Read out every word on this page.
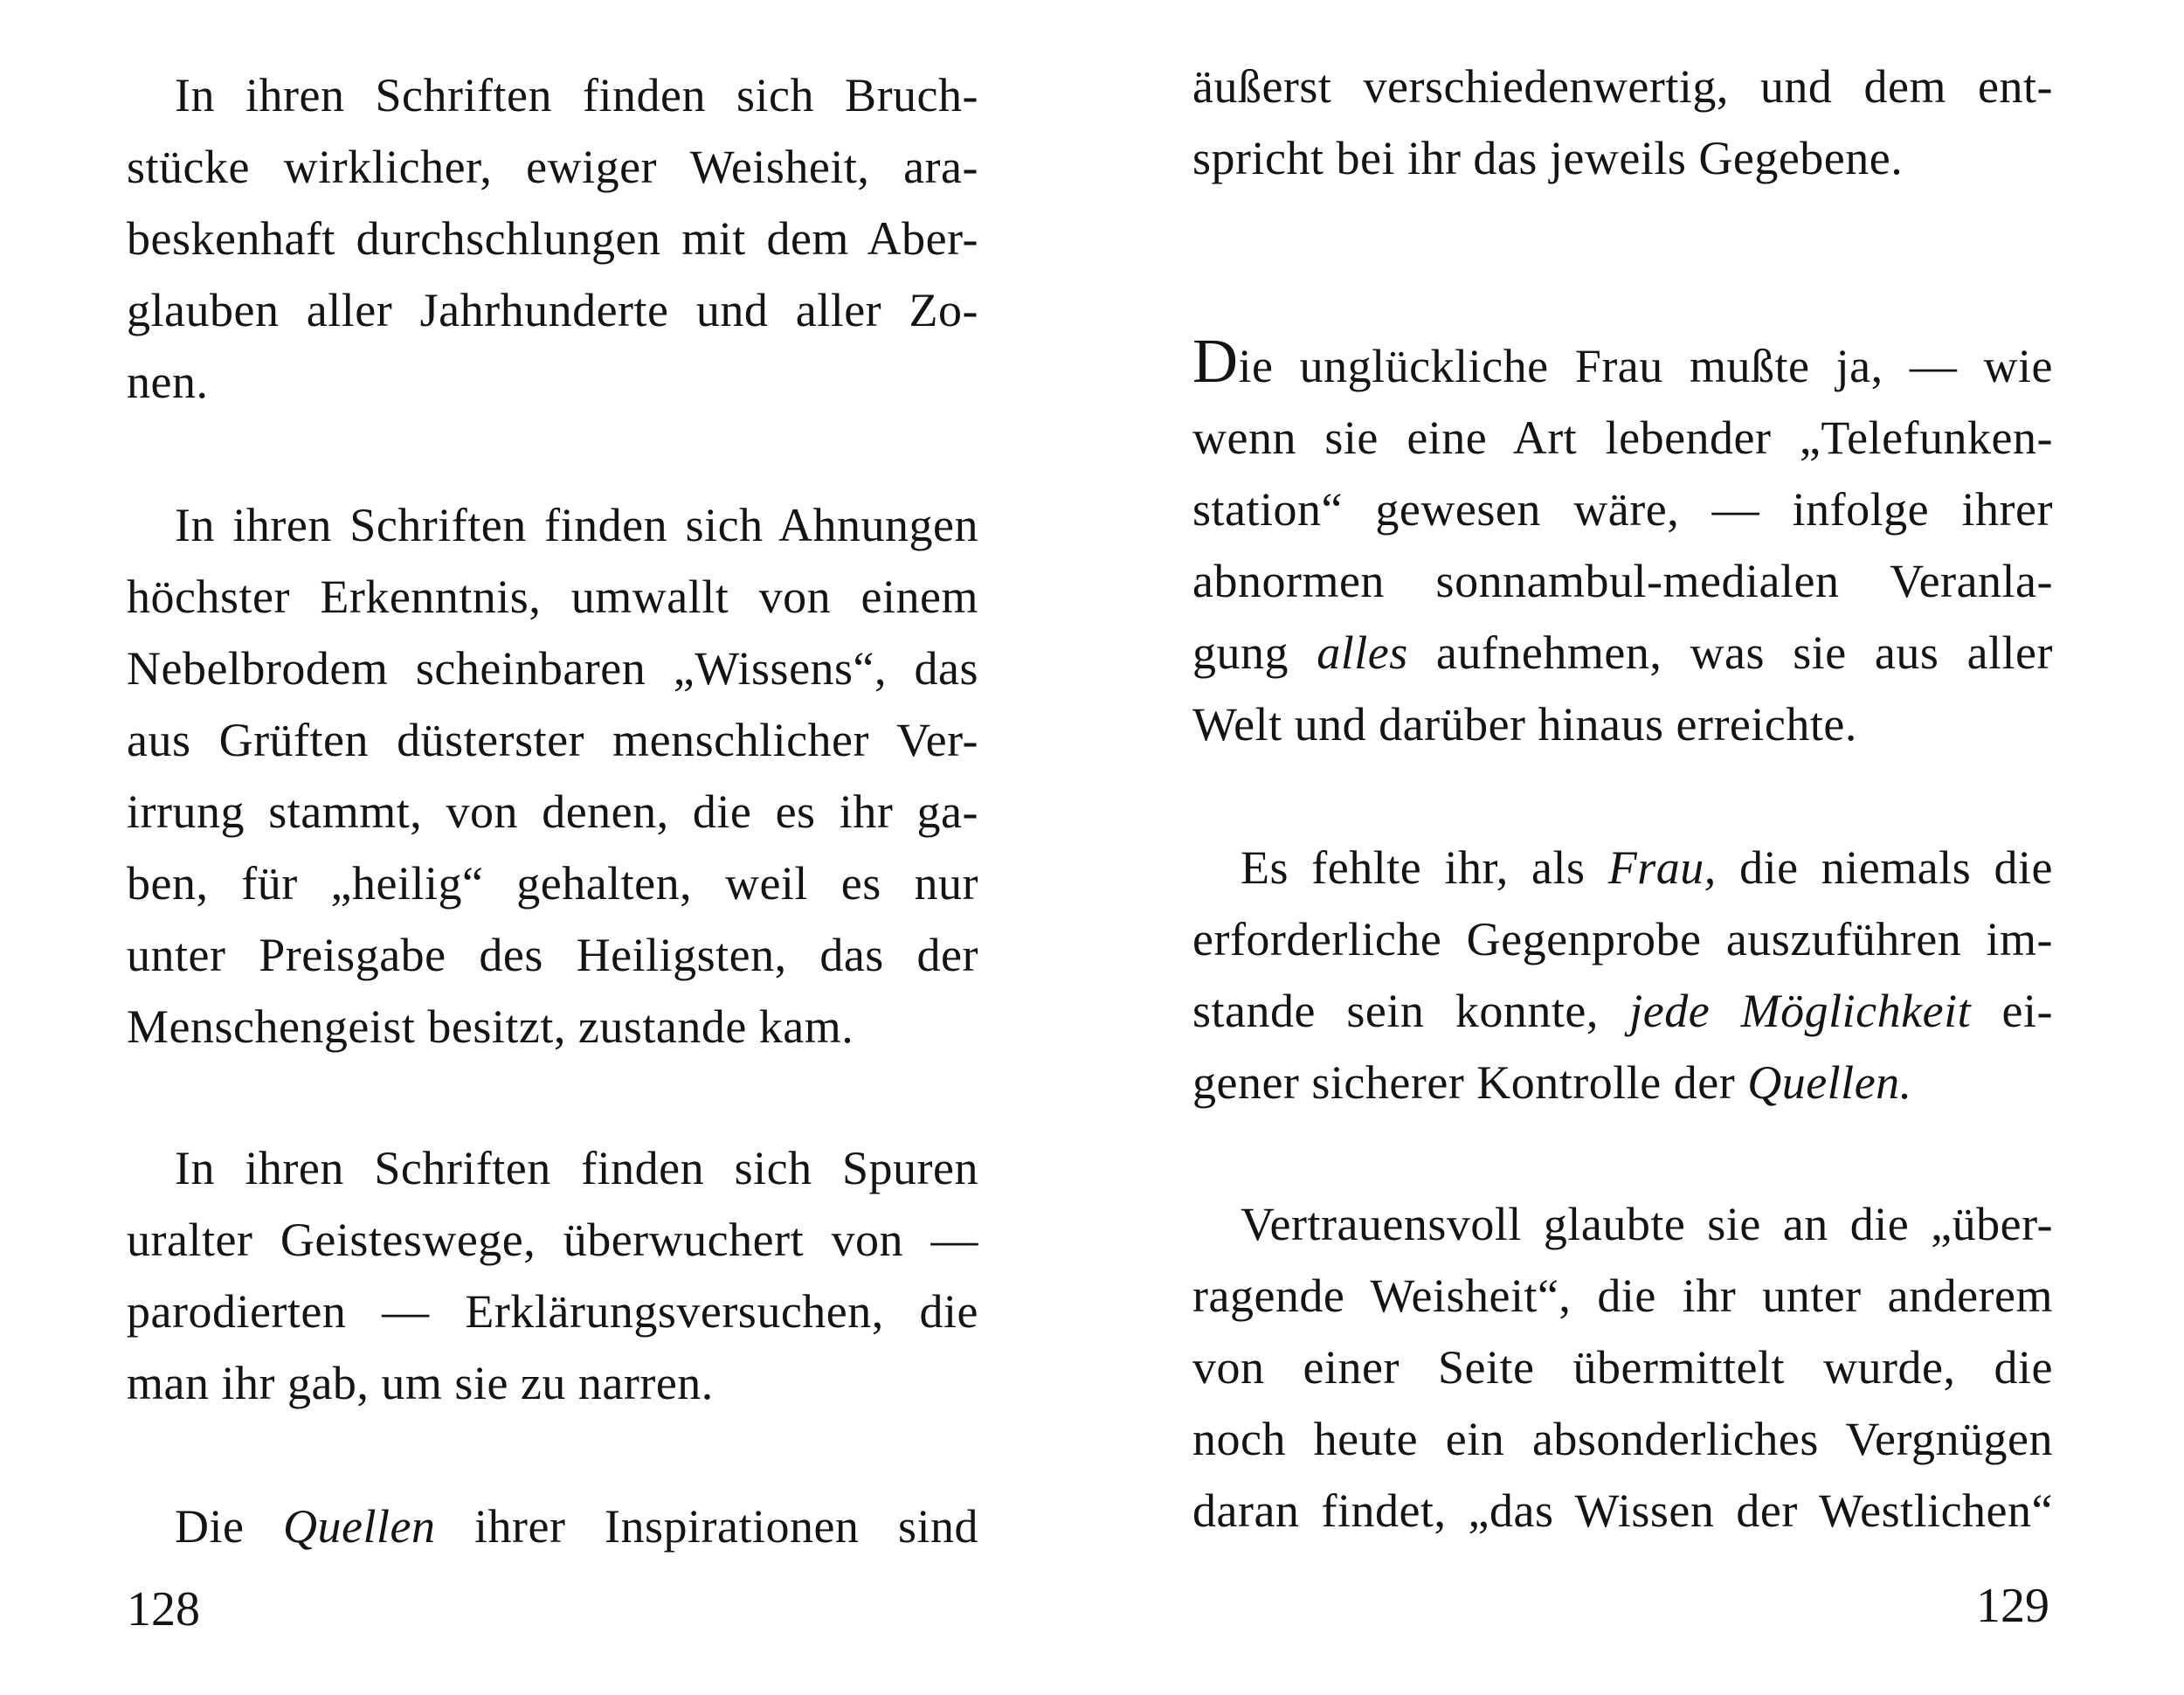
In ihren Schriften finden sich Bruch-
stücke wirklicher, ewiger Weisheit, ara-
beskenhaft durchschlungen mit dem Aber-
glauben aller Jahrhunderte und aller Zo-
nen.

In ihren Schriften finden sich Ahnungen
höchster Erkenntnis, umwallt von einem
Nebelbrodem scheinbaren „Wissens“, das
aus Grüften düsterster menschlicher Ver-
irrung stammt, von denen, die es ihr ga-
ben, für „heilig“ gehalten, weil es nur
unter Preisgabe des Heiligsten, das der
Menschengeist besitzt, zustande kam.

In ihren Schriften finden sich Spuren
uralter Geisteswege, überwuchert von —
parodierten — Erklärungsversuchen, die
man ihr gab, um sie zu narren.

Die Quellen ihrer Inspirationen sind

128

äußerst verschiedenwertig, und dem ent-
spricht bei ihr das jeweils Gegebene.

Die unglückliche Frau mußte ja, — wie
wenn sie eine Art lebender „Telefunken-
station“ gewesen wäre, — infolge ihrer
abnormen sonnambul-medialen Veranla-
gung alles aufnehmen, was sie aus aller
Welt und darüber hinaus erreichte.

Es fehlte ihr, als Frau, die niemals die
erforderliche Gegenprobe auszuführen im-
stande sein konnte, jede Möglichkeit ei-
gener sicherer Kontrolle der Quellen.

Vertrauensvoll glaubte sie an die „über-
ragende Weisheit“, die ihr unter anderem
von einer Seite übermittelt wurde, die
noch heute ein absonderliches Vergnügen
daran findet, „das Wissen der Westlichen“

129
